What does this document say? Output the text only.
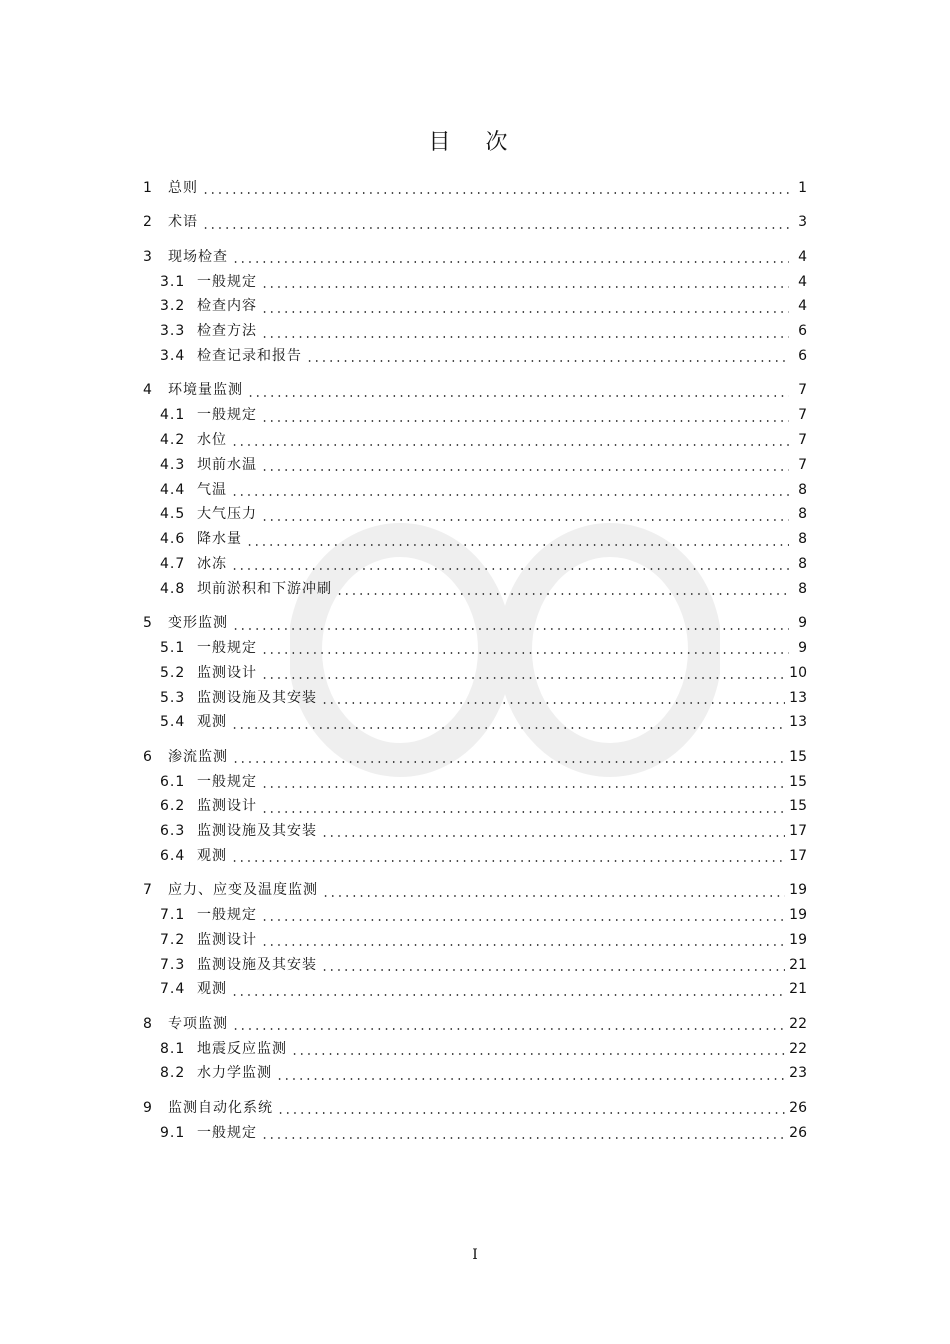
目 次
1	总则	1
2	术语	3
3	现场检查	4
3.1 一般规定	4
3.2 检查内容	4
3.3 检查方法	6
3.4 检查记录和报告	6
4	环境量监测	7
4.1 一般规定	7
4.2 水位	7
4.3 坝前水温	7
4.4 气温	8
4.5 大气压力	8
4.6 降水量	8
4.7 冰冻	8
4.8 坝前淤积和下游冲刷	8
5	变形监测	9
5.1 一般规定	9
5.2 监测设计	10
5.3 监测设施及其安装	13
5.4 观测	13
6	渗流监测	15
6.1 一般规定	15
6.2 监测设计	15
6.3 监测设施及其安装	17
6.4 观测	17
7	应力、应变及温度监测	19
7.1 一般规定	19
7.2 监测设计	19
7.3 监测设施及其安装	21
7.4 观测	21
8	专项监测	22
8.1 地震反应监测	22
8.2 水力学监测	23
9	监测自动化系统	26
9.1 一般规定	26
I
